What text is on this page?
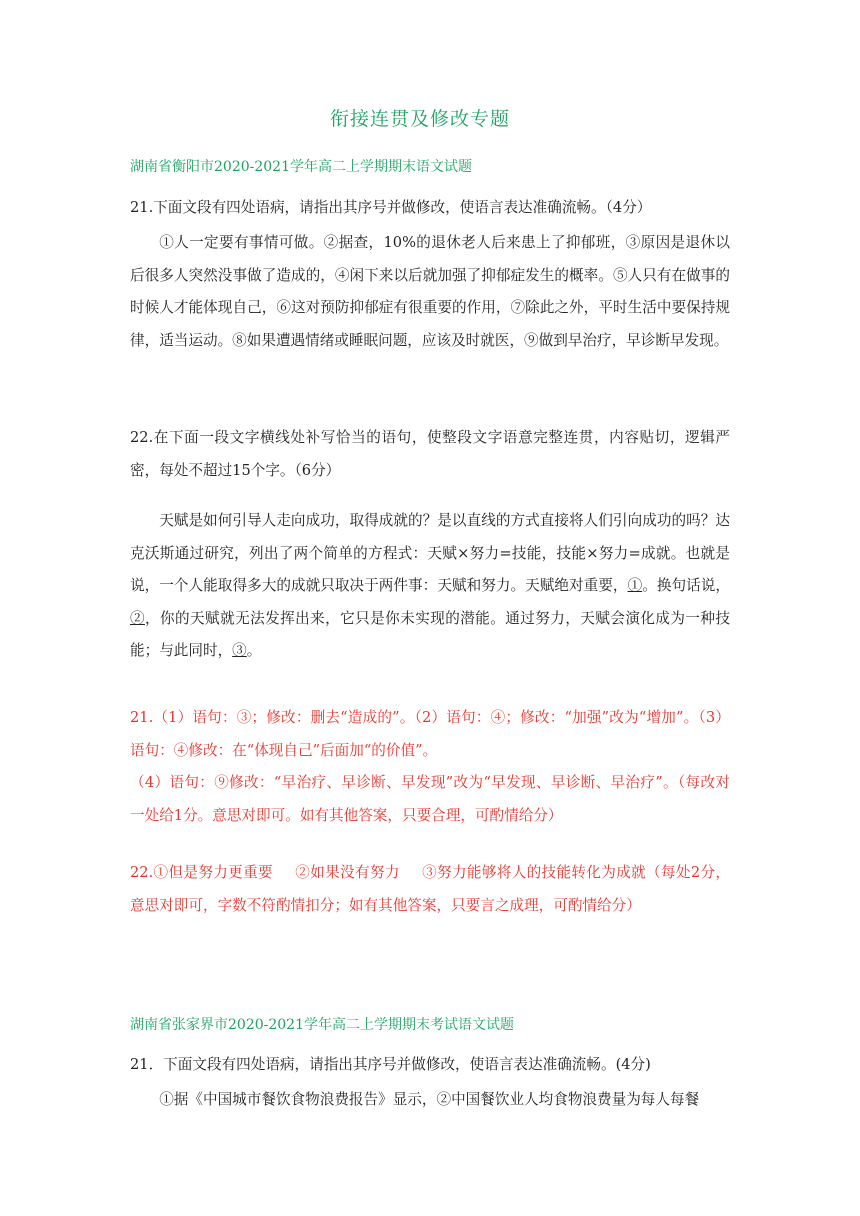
衔接连贯及修改专题
湖南省衡阳市2020-2021学年高二上学期期末语文试题

21.下面文段有四处语病，请指出其序号并做修改，使语言表达准确流畅。（4分）

①人一定要有事情可做。②据查，10%的退休老人后来患上了抑郁班，③原因是退休以后很多人突然没事做了造成的，④闲下来以后就加强了抑郁症发生的概率。⑤人只有在做事的时候人才能体现自己，⑥这对预防抑郁症有很重要的作用，⑦除此之外，平时生活中要保持规律，适当运动。⑧如果遭遇情绪或睡眠问题，应该及时就医，⑨做到早治疗，早诊断早发现。

22.在下面一段文字横线处补写恰当的语句，使整段文字语意完整连贯，内容贴切，逻辑严密，每处不超过15个字。（6分）

天赋是如何引导人走向成功，取得成就的？是以直线的方式直接将人们引向成功的吗？达克沃斯通过研究，列出了两个简单的方程式：天赋×努力=技能，技能×努力=成就。也就是说，一个人能取得多大的成就只取决于两件事：天赋和努力。天赋绝对重要，①。换句话说，②，你的天赋就无法发挥出来，它只是你未实现的潜能。通过努力，天赋会演化成为一种技能；与此同时，③。

21.（1）语句：③；修改：删去“造成的”。（2）语句：④；修改：“加强”改为“增加”。（3）语句：④修改：在“体现自己”后面加“的价值”。

（4）语句：⑨修改：“早治疗、早诊断、早发现”改为“早发现、早诊断、早治疗”。（每改对一处给1分。意思对即可。如有其他答案，只要合理，可酌情给分）

22.①但是努力更重要 ②如果没有努力 ③努力能够将人的技能转化为成就（每处2分，意思对即可，字数不符酌情扣分；如有其他答案，只要言之成理，可酌情给分）

湖南省张家界市2020-2021学年高二上学期期末考试语文试题

21．下面文段有四处语病，请指出其序号并做修改，使语言表达准确流畅。(4分)

①据《中国城市餐饮食物浪费报告》显示，②中国餐饮业人均食物浪费量为每人每餐
